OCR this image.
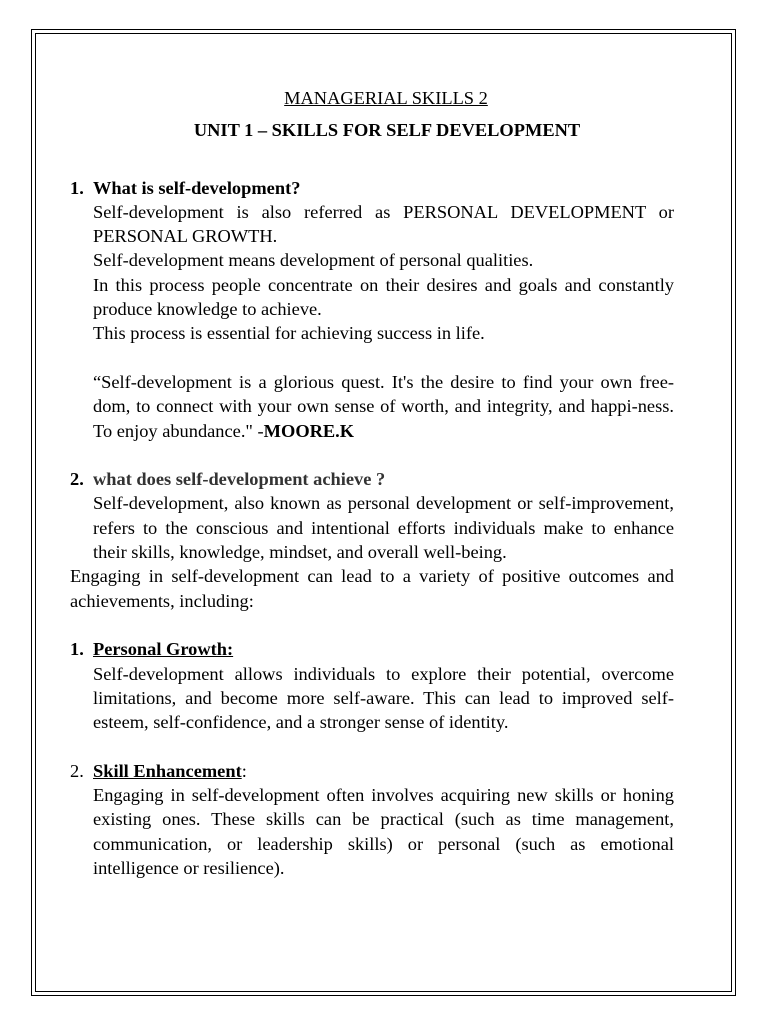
MANAGERIAL SKILLS 2
UNIT 1 – SKILLS FOR SELF DEVELOPMENT
1. What is self-development?
Self-development is also referred as PERSONAL DEVELOPMENT or PERSONAL GROWTH.
Self-development means development of personal qualities.
In this process people concentrate on their desires and goals and constantly produce knowledge to achieve.
This process is essential for achieving success in life.
“Self-development is a glorious quest. It's the desire to find your own free-dom, to connect with your own sense of worth, and integrity, and happi-ness. To enjoy abundance." -MOORE.K
2. what does self-development achieve ?
Self-development, also known as personal development or self-improvement, refers to the conscious and intentional efforts individuals make to enhance their skills, knowledge, mindset, and overall well-being.
Engaging in self-development can lead to a variety of positive outcomes and achievements, including:
1. Personal Growth:
Self-development allows individuals to explore their potential, overcome limitations, and become more self-aware. This can lead to improved self-esteem, self-confidence, and a stronger sense of identity.
2. Skill Enhancement:
Engaging in self-development often involves acquiring new skills or honing existing ones. These skills can be practical (such as time management, communication, or leadership skills) or personal (such as emotional intelligence or resilience).
